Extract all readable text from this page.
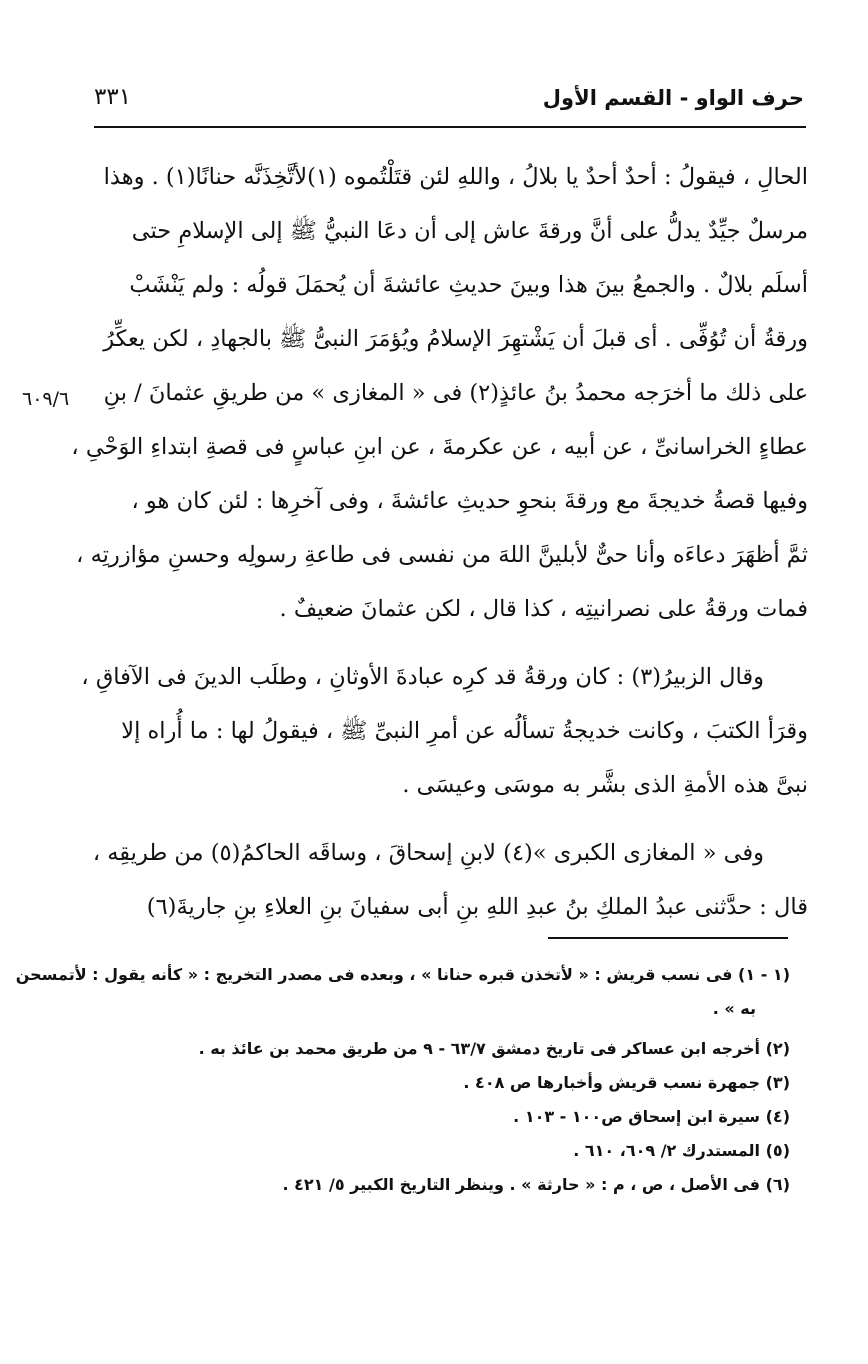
حرف الواو - القسم الأول
٣٣١
٦٠٩/٦
الحالِ ، فيقولُ : أحدٌ أحدٌ يا بلالُ ، واللهِ لئن قتَلْتُموه (١)لأتَّخِذَنَّه حنانًا(١) . وهذا
مرسلٌ جيِّدٌ يدلُّ على أنَّ ورقةَ عاش إلى أن دعَا النبيُّ ﷺ إلى الإسلامِ حتى
أسلَم بلالٌ . والجمعُ بينَ هذا وبينَ حديثِ عائشةَ أن يُحمَلَ قولُه : ولم يَنْشَبْ
ورقةُ أن تُوُفِّى . أى قبلَ أن يَشْتهِرَ الإسلامُ ويُؤمَرَ النبىُّ ﷺ بالجهادِ ، لكن يعكِّرُ
على ذلك ما أخرَجه محمدُ بنُ عائذٍ(٢) فى « المغازى » من طريقِ عثمانَ / بنِ
عطاءٍ الخراسانىِّ ، عن أبيه ، عن عكرمةَ ، عن ابنِ عباسٍ فى قصةِ ابتداءِ الوَحْىِ ،
وفيها قصةُ خديجةَ مع ورقةَ بنحوِ حديثِ عائشةَ ، وفى آخرِها : لئن كان هو ،
ثمَّ أظهَرَ دعاءَه وأنا حىٌّ لأبلينَّ اللهَ من نفسى فى طاعةِ رسولِه وحسنِ مؤازرتِه ،
فمات ورقةُ على نصرانيتِه ، كذا قال ، لكن عثمانَ ضعيفٌ .
وقال الزبيرُ(٣) : كان ورقةُ قد كرِه عبادةَ الأوثانِ ، وطلَب الدينَ فى الآفاقِ ،
وقرَأ الكتبَ ، وكانت خديجةُ تسألُه عن أمرِ النبىِّ ﷺ ، فيقولُ لها : ما أُراه إلا
نبىَّ هذه الأمةِ الذى بشَّر به موسَى وعيسَى .
وفى « المغازى الكبرى »(٤) لابنِ إسحاقَ ، وساقَه الحاكمُ(٥) من طريقِه ،
قال : حدَّثنى عبدُ الملكِ بنُ عبدِ اللهِ بنِ أبى سفيانَ بنِ العلاءِ بنِ جاريةَ(٦)
(١ - ١) فى نسب قريش : « لأتخذن قبره حنانا » ، وبعده فى مصدر التخريج : « كأنه يقول : لأتمسحن
به » .
(٢) أخرجه ابن عساكر فى تاريخ دمشق ٦٣/٧ - ٩ من طريق محمد بن عائذ به .
(٣) جمهرة نسب قريش وأخبارها ص ٤٠٨ .
(٤) سيرة ابن إسحاق ص١٠٠ - ١٠٣ .
(٥) المستدرك ٢/ ٦٠٩، ٦١٠ .
(٦) فى الأصل ، ص ، م : « حارثة » . وينظر التاريخ الكبير ٥/ ٤٢١ .
